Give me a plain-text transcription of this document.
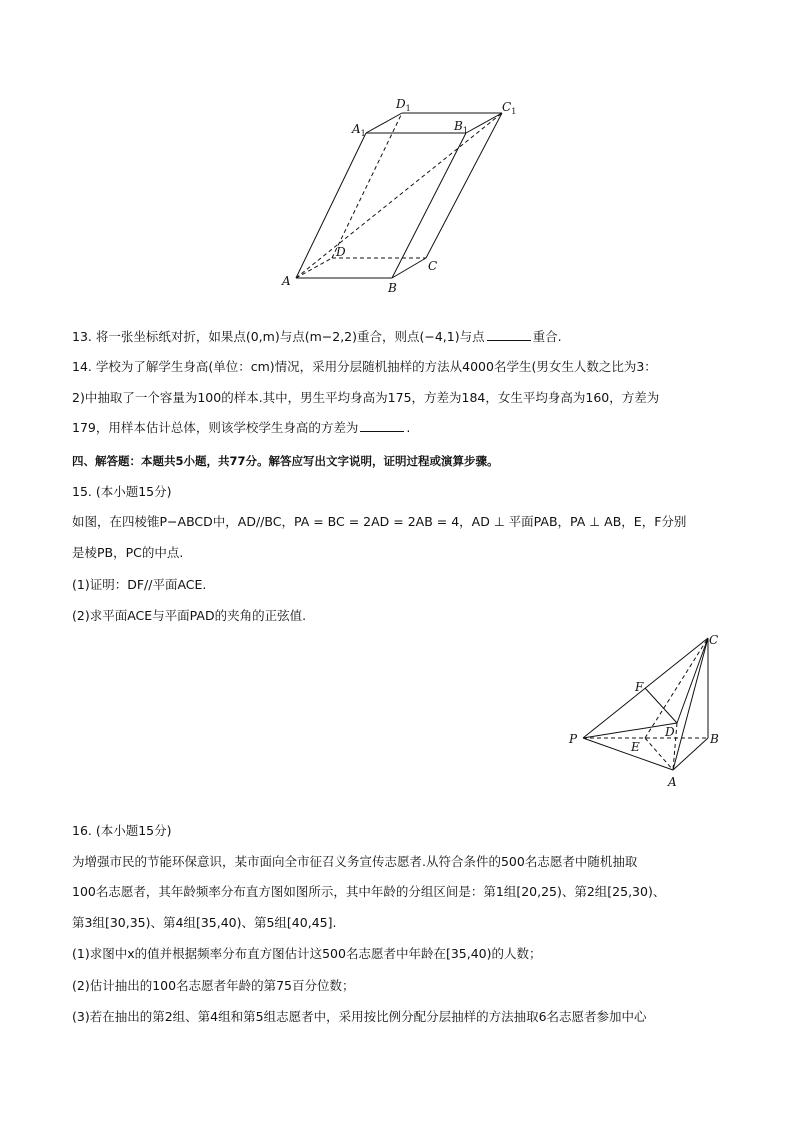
A	B
C
D
$A_1$
$B_1$
$C_1$
$D_1$
13. 将一张坐标纸对折，如果点(0,m)与点(m−2,2)重合，则点(−4,1)与点	重合.
14. 学校为了解学生身高(单位：cm)情况，采用分层随机抽样的方法从4000名学生(男女生人数之比为3：
2)中抽取了一个容量为100的样本.其中，男生平均身高为175，方差为184，女生平均身高为160，方差为
179，用样本估计总体，则该学校学生身高的方差为	.
四、解答题：本题共5小题，共77分。解答应写出文字说明，证明过程或演算步骤。
15. (本小题15分)
如图，在四棱锥P−ABCD中，AD//BC，PA = BC = 2AD = 2AB = 4，AD ⊥ 平面PAB，PA ⊥ AB，E，F分别
是棱PB，PC的中点.
(1)证明：DF//平面ACE.
(2)求平面ACE与平面PAD的夹角的正弦值.
P
A
B
C
D
E
F
16. (本小题15分)
为增强市民的节能环保意识，某市面向全市征召义务宣传志愿者.从符合条件的500名志愿者中随机抽取
100名志愿者，其年龄频率分布直方图如图所示，其中年龄的分组区间是：第1组[20,25)、第2组[25,30)、
第3组[30,35)、第4组[35,40)、第5组[40,45].
(1)求图中x的值并根据频率分布直方图估计这500名志愿者中年龄在[35,40)的人数；
(2)估计抽出的100名志愿者年龄的第75百分位数；
(3)若在抽出的第2组、第4组和第5组志愿者中，采用按比例分配分层抽样的方法抽取6名志愿者参加中心
